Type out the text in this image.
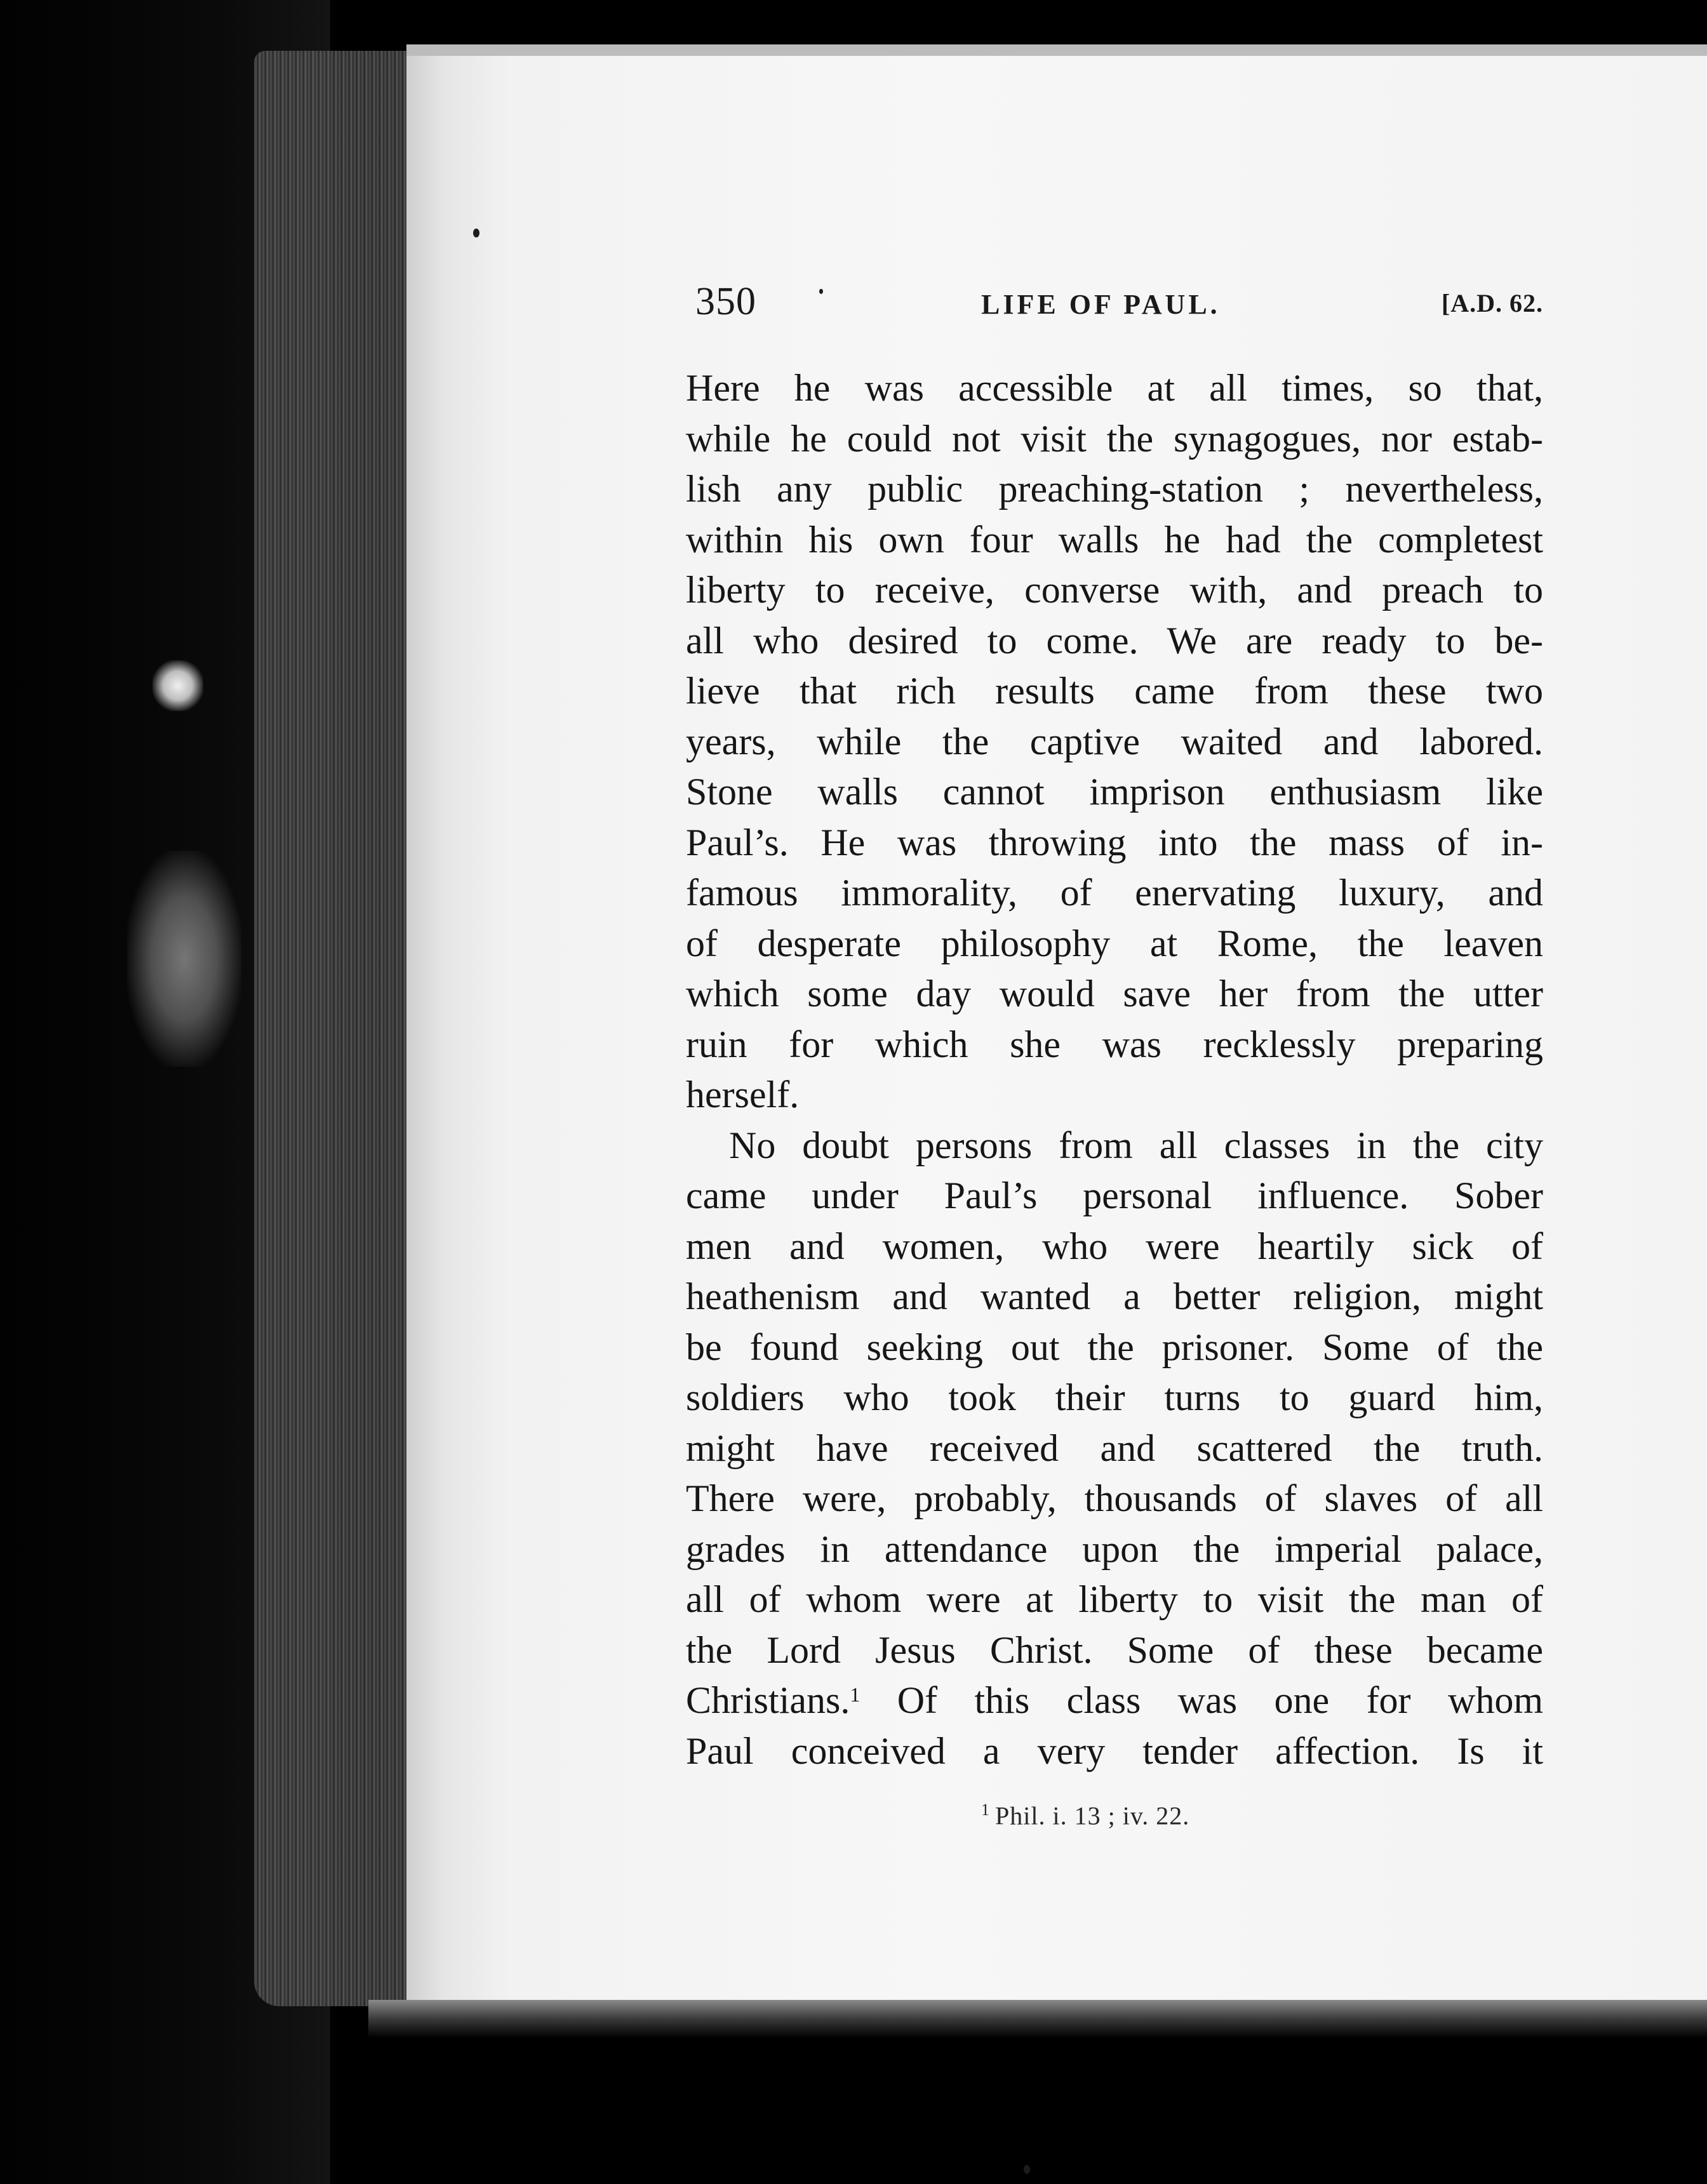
350	LIFE OF PAUL.	[A.D. 62.

Here he was accessible at all times, so that,
while he could not visit the synagogues, nor estab-
lish any public preaching-station ; nevertheless,
within his own four walls he had the completest
liberty to receive, converse with, and preach to
all who desired to come. We are ready to be-
lieve that rich results came from these two
years, while the captive waited and labored.
Stone walls cannot imprison enthusiasm like
Paul’s. He was throwing into the mass of in-
famous immorality, of enervating luxury, and
of desperate philosophy at Rome, the leaven
which some day would save her from the utter
ruin for which she was recklessly preparing
herself.

No doubt persons from all classes in the city
came under Paul’s personal influence. Sober
men and women, who were heartily sick of
heathenism and wanted a better religion, might
be found seeking out the prisoner. Some of the
soldiers who took their turns to guard him,
might have received and scattered the truth.
There were, probably, thousands of slaves of all
grades in attendance upon the imperial palace,
all of whom were at liberty to visit the man of
the Lord Jesus Christ. Some of these became
Christians.$^1$ Of this class was one for whom
Paul conceived a very tender affection. Is it

$^1$ Phil. i. 13 ; iv. 22.
